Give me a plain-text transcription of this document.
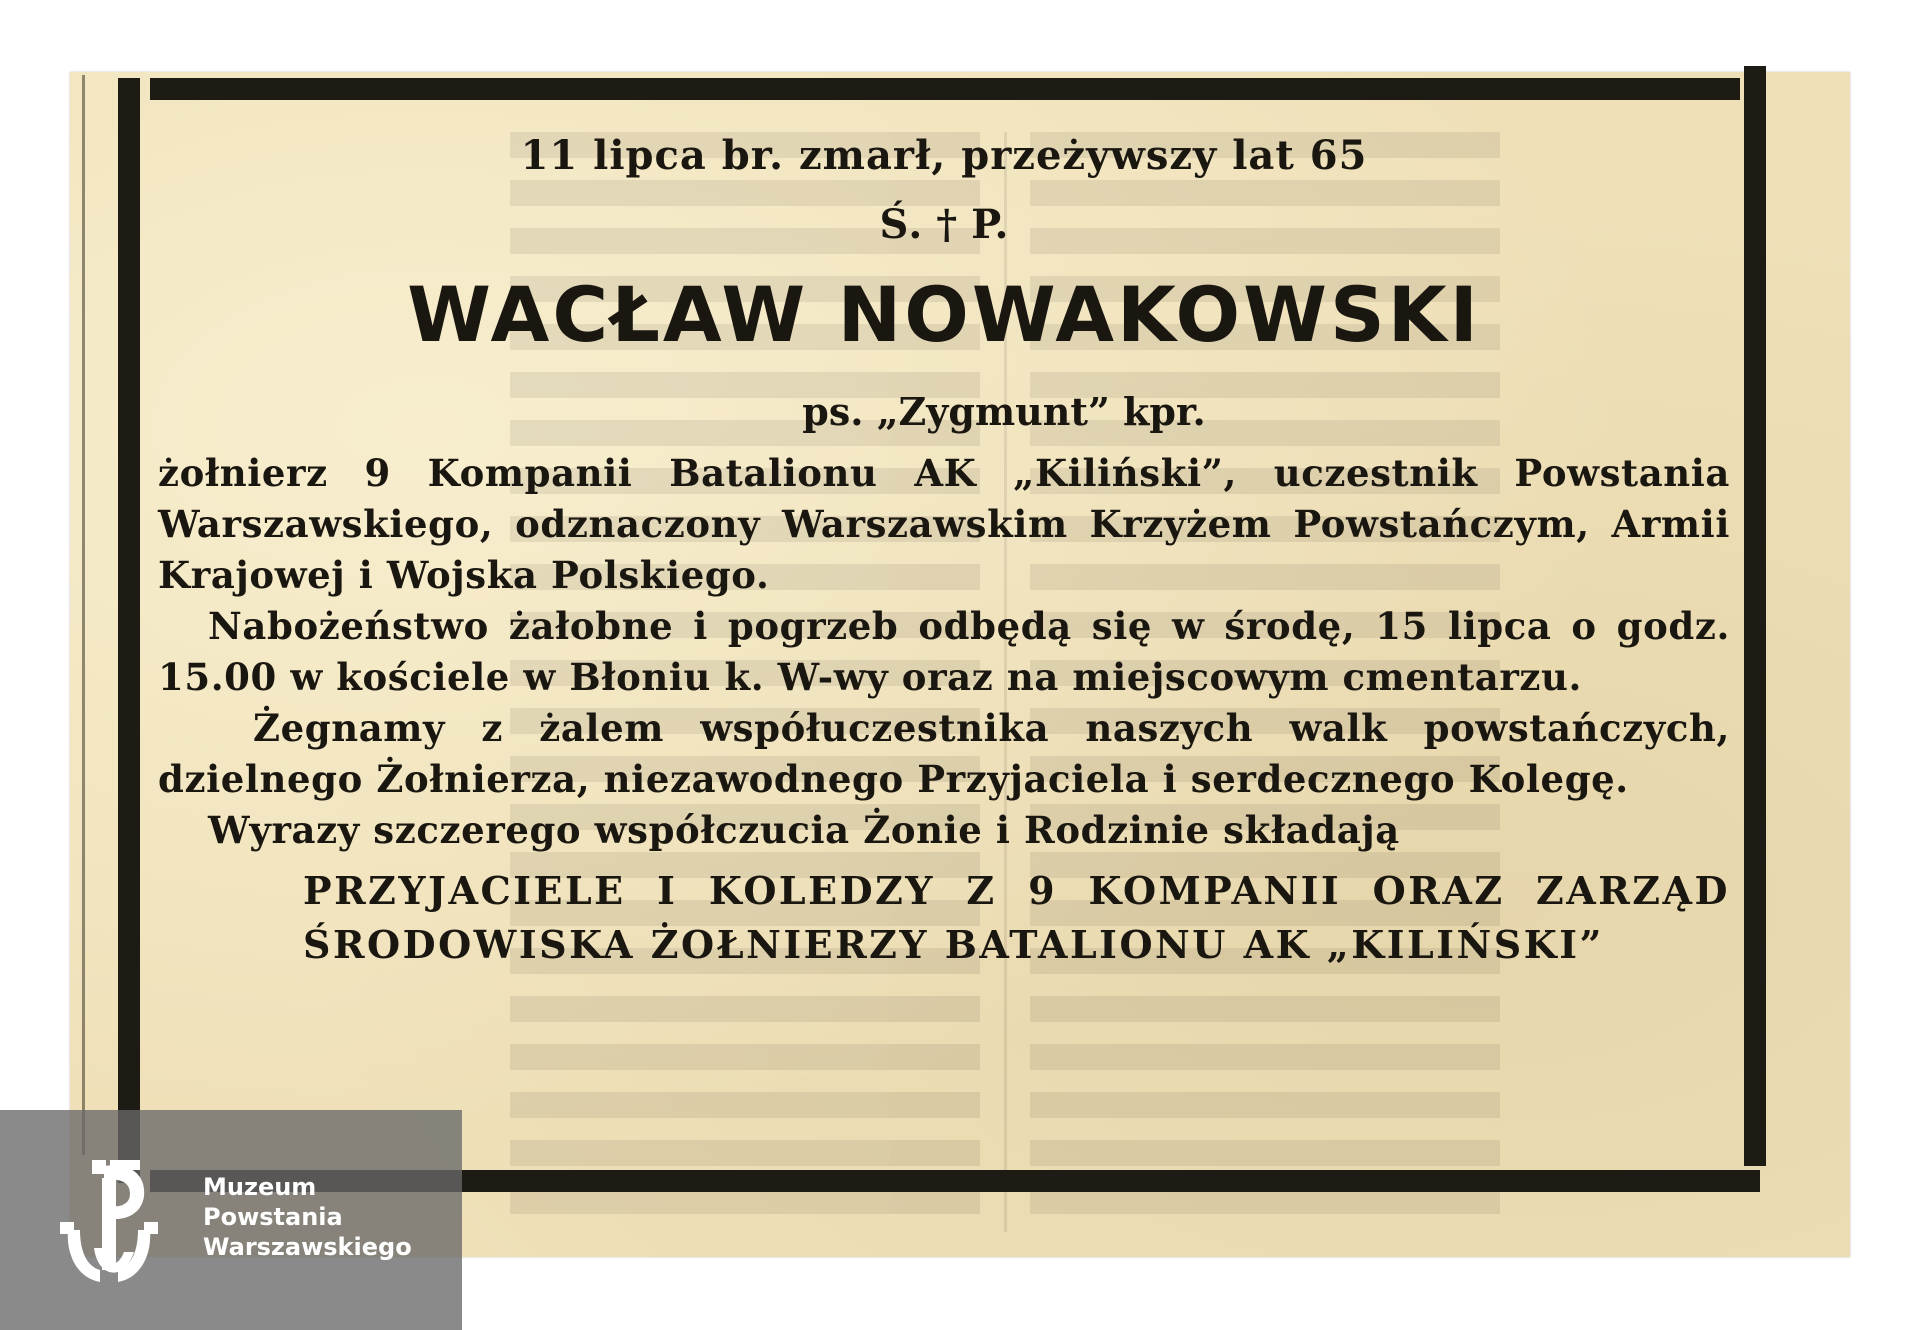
11 lipca br. zmarł, przeżywszy lat 65

Ś. † P.

WACŁAW NOWAKOWSKI

ps. „Zygmunt” kpr.

żołnierz 9 Kompanii Batalionu AK „Kiliński”, uczestnik Powstania Warszawskiego, odznaczony Warszawskim Krzyżem Powstańczym, Armii Krajowej i Wojska Polskiego.

Nabożeństwo żałobne i pogrzeb odbędą się w środę, 15 lipca o godz. 15.00 w kościele w Błoniu k. W-wy oraz na miejscowym cmentarzu.

Żegnamy z żalem współuczestnika naszych walk powstańczych, dzielnego Żołnierza, niezawodnego Przyjaciela i serdecznego Kolegę.

Wyrazy szczerego współczucia Żonie i Rodzinie składają

PRZYJACIELE I KOLEDZY Z 9 KOMPANII ORAZ ZARZĄD ŚRODOWISKA ŻOŁNIERZY BATALIONU AK „KILIŃSKI”

Muzeum
Powstania
Warszawskiego
